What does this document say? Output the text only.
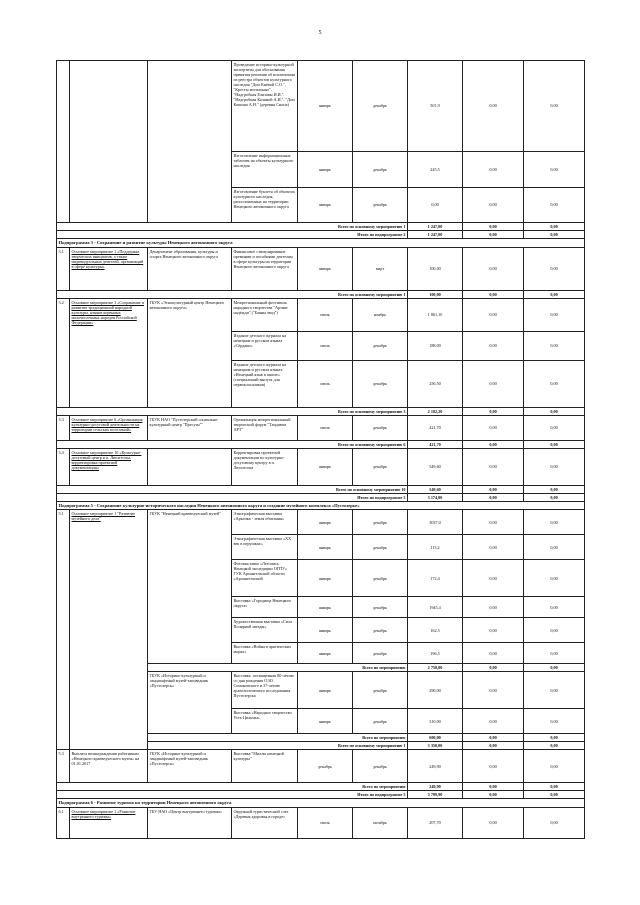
5
			Проведение историко-культурной экспертизы для обоснования принятия решения об исключении из реестра объектов культурного наследия "Дом Кнёвой С.О.", "Кресты могильные", "Надгробная Елизавы И.И.", "Надгробная Козиной А.И.", "Дом Кошина А.Н." (деревня Снопа)	январь	декабрь	501,9	0,00	0,00
			Изготовление информационных табличек на объекты культурного наследия	январь	декабрь	245,5	0,00	0,00
			Изготовление буклета об объектах культурного наследия, расположенных на территории Ненецкого автономного округа	январь	декабрь	0,00	0,00	0,00
Всего по основному мероприятию 1						1 247,00	0,00	0,00
Итого по подпрограмме 2						1 247,00	0,00	0,00
Подпрограмма 3 - Сохранение и развитие культуры Ненецкого автономного округа								
3.1	Основное мероприятие 1 «Поддержка творческих инициатив, а также индивидуальных деятелей, организаций в сфере культуры»	Департамент образования, культуры и спорта Ненецкого автономного округа	Финансовое стимулирование премиями и пособиями деятелям в сфере культуры на территории Ненецкого автономного округа	январь	март	100,00	0,00	0,00
Всего по основному мероприятию 1						100,00	0,00	0,00
3.2	Основное мероприятие 3 «Сохранение и развитие традиционной народной культуры, языков коренных малочисленных народов Российской Федерации»	ГБУК «Этнокультурный центр Ненецкого автономного округа»	Межрегиональный фестиваль народного творчества "Артинг надёжди" ("Баяны звод")	июль	ноябрь	1 861,10	0,00	0,00
			Издание детского журнала на ненецком и русском языках «Сёрдаки»	июль	декабрь	188,00	0,00	0,00
			Издание детского журнала на ненецком и русском языках «Ненецкий язык в школе» (специальный выпуск для первоклассников)	июль	декабрь	256,50	0,00	0,00
Всего по основному мероприятию 3						2 102,20	0,00	0,00
3.3	Основное мероприятие 6 «Организация культурно-досуговой деятельности на территории сельских поселений»	ГБУК НАО "Пустозерский социально-культурный центр "Пресуэн""	Организация межрегиональный творческий форум "Тандавэм АРТ"	июль	декабрь	421,70	0,00	0,00
Всего по основному мероприятию 6						421,70	0,00	0,00
3.4	Основное мероприятие 10 «Культурно-досуговый центр в п. Люситсока, корректировка проектной документации»		Корректировка проектной документации по культурно-досуговому центру в п. Люситсока	январь	декабрь	549,60	0,00	0,00
Всего по основному мероприятию 10						549,60	0,00	0,00
Итого по подпрограмме 3						3 174,00	0,00	0,00
Подпрограмма 5 - Сохранение культурно-исторического наследия Ненецкого автономного округа и создание музейного комплекса «Пустозерье»								
5.1	Основное мероприятие 1 "Развитие музейного дела"	ГБУК "Ненецкий краеведческий музей"	Этнографическая выставка «Арктика - земля обитания»	январь	декабрь	3037,0	0,00	0,00
			Этнографическая выставка «XX век в игрушках»	январь	декабрь	115,2	0,00	0,00
			Фотовыставка «Летопись Ненецкой экспедиции ОГПУ» ГУК Архангельской области «Архангельский	январь	декабрь	172,4	0,00	0,00
			Выставка «Городища Ненецкого округа»	январь	декабрь	1945,4	0,00	0,00
			Художественная выставка «Сила Полярной звезды»	январь	декабрь	162,5	0,00	0,00
			Выставка «Война в арктических морях»	январь	декабрь	196,5	0,00	0,00
		Всего по мероприятию				2 750,00	0,00	0,00
		ГБУК «Историко-культурный и ландшафтный музей-заповедник «Пустозерск»	Выставка, посвященная 80-летию со дня рождения О.Ю. Сомоновского и 37-летию археологического исследования Пустозерска	январь	декабрь	290,00	0,00	0,00
			Выставка «Народное творчество Усть-Цильмы»	январь	декабрь	310,00	0,00	0,00
		Всего по мероприятию				600,00	0,00	0,00
		Всего по основному мероприятию 1				3 350,00	0,00	0,00
5.3	Выплата вознаграждения работникам «Ненецкого краеведческого музея» на 01.01.2017	ГБУК «Историко-культурный и ландшафтный музей-заповедник «Пустозерск»	Выставка "Миллы ненецкой культуры"	декабрь	декабрь	249,90	0,00	0,00
Всего по мероприятию						249,90	0,00	0,00
Итого по подпрограмме 5						3 799,90	0,00	0,00
Подпрограмма 6 - Развитие туризма на территории Ненецкого автономного округа								
6.1	Основное мероприятие 1 «Развитие внутреннего туризма»	ГБУ НАО «Центр внутреннего туризма»	Окружной туристический слет «Деревня здоровья в городе»	июль	октябрь	207,70	0,00	0,00
